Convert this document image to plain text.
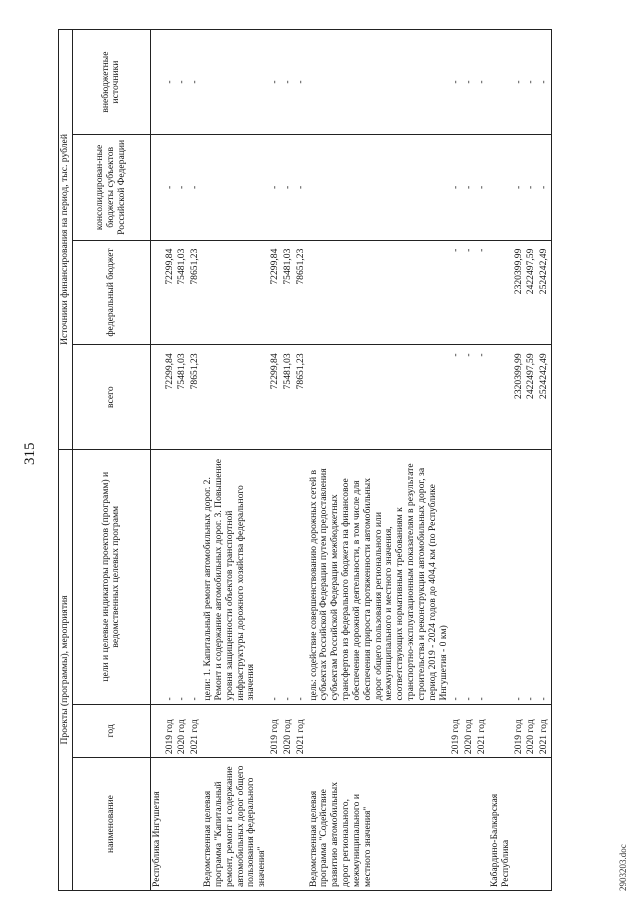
315
Проекты (программы), мероприятия			Источники финансирования на период, тыс. рублей			
наименование	год	цели и целевые индикаторы проектов (программ) и ведомственных целевых программ	всего	федеральный бюджет	консолидирован-ные бюджеты субъектов Российской Федерации	внебюджетные источники
Республика Ингушетия						
	2019 год	-	72299,84	72299,84	-	-
	2020 год	-	75481,03	75481,03	-	-
	2021 год	-	78651,23	78651,23	-	-
Ведомственная целевая программа "Капитальный ремонт, ремонт и содержание автомобильных дорог общего пользования федерального значения"		цели: 1. Капитальный ремонт автомобильных дорог. 2. Ремонт и содержание автомобильных дорог. 3. Повышение уровня защищенности объектов транспортной инфраструктуры дорожного хозяйства федерального значения				
	2019 год	-	72299,84	72299,84	-	-
	2020 год	-	75481,03	75481,03	-	-
	2021 год	-	78651,23	78651,23	-	-
Ведомственная целевая программа "Содействие развитию автомобильных дорог регионального, межмуниципального и местного значения"		цель: содействие совершенствованию дорожных сетей в субъектах Российской Федерации путем предоставления субъектам Российской Федерации межбюджетных трансфертов из федерального бюджета на финансовое обеспечение дорожной деятельности, в том числе для обеспечения прироста протяженности автомобильных дорог общего пользования регионального или межмуниципального и местного значения, соответствующих нормативным требованиям к транспортно-эксплуатационным показателям в результате строительства и реконструкции автомобильных дорог, за период 2019 - 2024 годов до 404,4 км (по Республике Ингушетия - 0 км)				
	2019 год	-	-	-	-	-
	2020 год	-	-	-	-	-
	2021 год	-	-	-	-	-
Кабардино-Балкарская Республика						
	2019 год	-	2320399,99	2320399,99	-	-
	2020 год	-	2422497,59	2422497,59	-	-
	2021 год	-	2524242,49	2524242,49	-	-
2903203.doc
